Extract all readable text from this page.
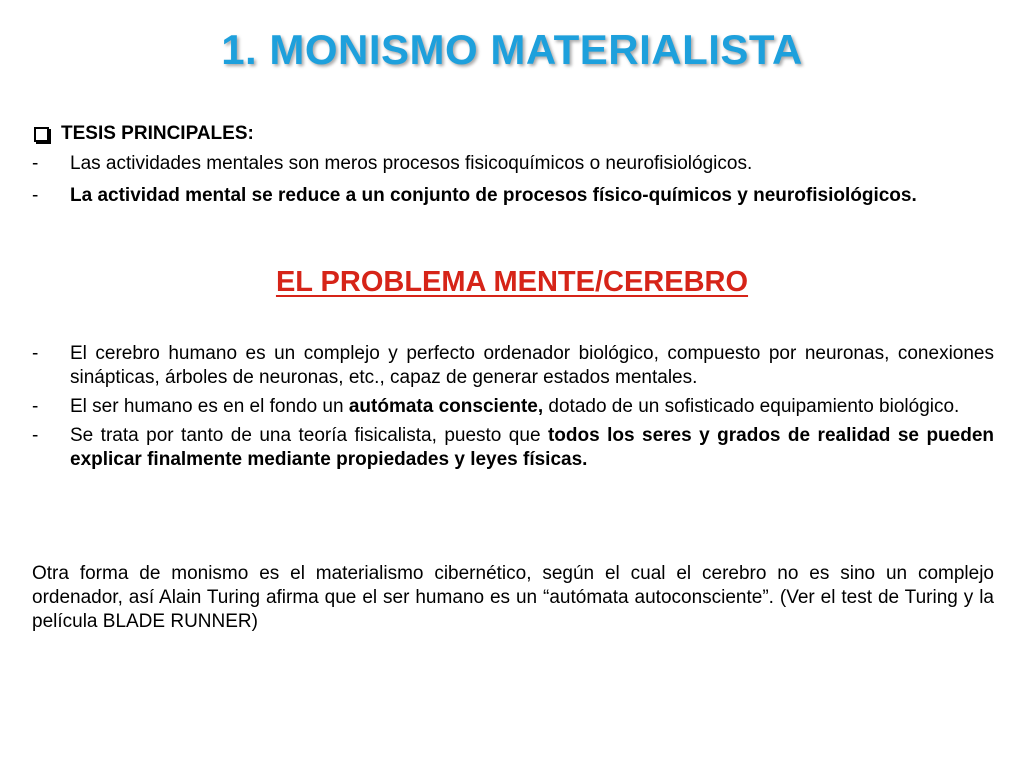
1. MONISMO MATERIALISTA
TESIS PRINCIPALES:
-	Las actividades mentales son meros procesos fisicoquímicos o neurofisiológicos.
-	La actividad mental se reduce a un conjunto de procesos físico-químicos y neurofisiológicos.
EL PROBLEMA MENTE/CEREBRO
-	El cerebro humano es un complejo y perfecto ordenador biológico, compuesto por neuronas, conexiones sinápticas, árboles de neuronas, etc., capaz de generar estados mentales.
-	El ser humano es en el fondo un autómata consciente, dotado de un sofisticado equipamiento biológico.
-	Se trata por tanto de una teoría fisicalista, puesto que todos los seres y grados de realidad se pueden explicar finalmente mediante propiedades y leyes físicas.
Otra forma de monismo es el materialismo cibernético, según el cual el cerebro no es sino un complejo ordenador, así Alain Turing afirma que el ser humano es un “autómata autoconsciente”. (Ver el test de Turing y la película BLADE RUNNER)
